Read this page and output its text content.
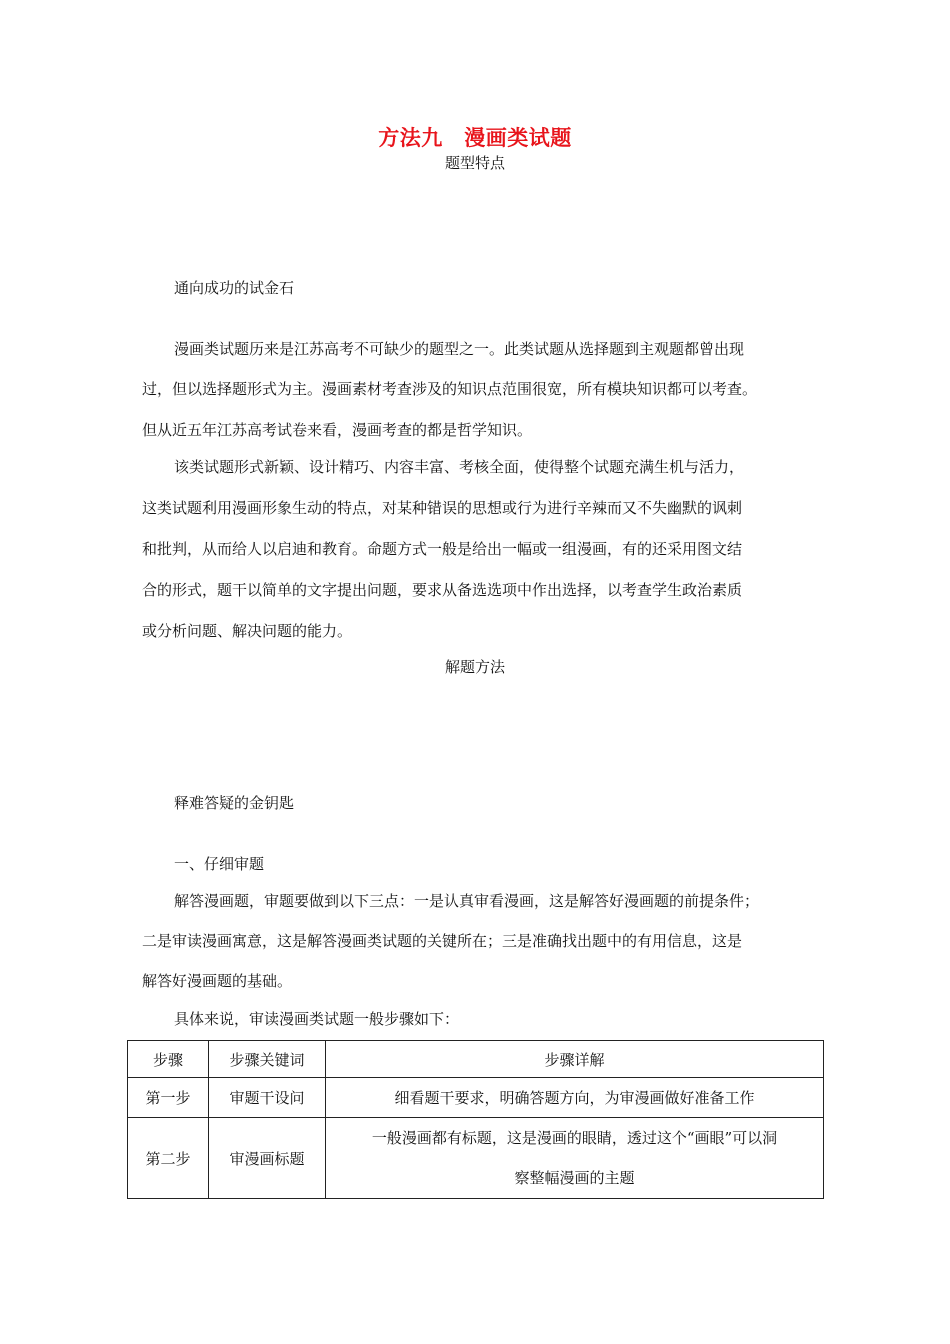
方法九　漫画类试题
题型特点
通向成功的试金石
漫画类试题历来是江苏高考不可缺少的题型之一。此类试题从选择题到主观题都曾出现
过，但以选择题形式为主。漫画素材考查涉及的知识点范围很宽，所有模块知识都可以考查。
但从近五年江苏高考试卷来看，漫画考查的都是哲学知识。
该类试题形式新颖、设计精巧、内容丰富、考核全面，使得整个试题充满生机与活力，
这类试题利用漫画形象生动的特点，对某种错误的思想或行为进行辛辣而又不失幽默的讽刺
和批判，从而给人以启迪和教育。命题方式一般是给出一幅或一组漫画，有的还采用图文结
合的形式，题干以简单的文字提出问题，要求从备选选项中作出选择，以考查学生政治素质
或分析问题、解决问题的能力。
解题方法
释难答疑的金钥匙
一、仔细审题
解答漫画题，审题要做到以下三点：一是认真审看漫画，这是解答好漫画题的前提条件；
二是审读漫画寓意，这是解答漫画类试题的关键所在；三是准确找出题中的有用信息，这是
解答好漫画题的基础。
具体来说，审读漫画类试题一般步骤如下：
步骤	步骤关键词	步骤详解
第一步	审题干设问	细看题干要求，明确答题方向，为审漫画做好准备工作
第二步	审漫画标题	一般漫画都有标题，这是漫画的眼睛，透过这个“画眼”可以洞
察整幅漫画的主题
